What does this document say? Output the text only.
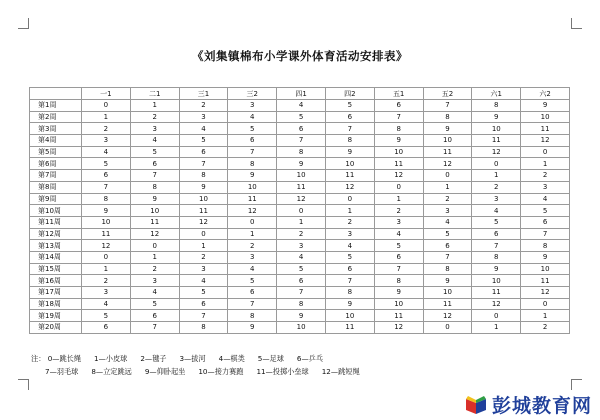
《刘集镇棉布小学课外体育活动安排表》
	一1	二1	三1	三2	四1	四2	五1	五2	六1	六2
第1周	0	1	2	3	4	5	6	7	8	9
第2周	1	2	3	4	5	6	7	8	9	10
第3周	2	3	4	5	6	7	8	9	10	11
第4周	3	4	5	6	7	8	9	10	11	12
第5周	4	5	6	7	8	9	10	11	12	0
第6周	5	6	7	8	9	10	11	12	0	1
第7周	6	7	8	9	10	11	12	0	1	2
第8周	7	8	9	10	11	12	0	1	2	3
第9周	8	9	10	11	12	0	1	2	3	4
第10周	9	10	11	12	0	1	2	3	4	5
第11周	10	11	12	0	1	2	3	4	5	6
第12周	11	12	0	1	2	3	4	5	6	7
第13周	12	0	1	2	3	4	5	6	7	8
第14周	0	1	2	3	4	5	6	7	8	9
第15周	1	2	3	4	5	6	7	8	9	10
第16周	2	3	4	5	6	7	8	9	10	11
第17周	3	4	5	6	7	8	9	10	11	12
第18周	4	5	6	7	8	9	10	11	12	0
第19周	5	6	7	8	9	10	11	12	0	1
第20周	6	7	8	9	10	11	12	0	1	2
注： 0—跳长绳 1—小皮球 2—毽子 3—拔河 4—棋类 5—足球 6—乒乓
7—羽毛球 8—立定跳远 9—仰卧起坐 10—接力赛跑 11—投掷小垒球 12—跳短绳
彭城教育网
